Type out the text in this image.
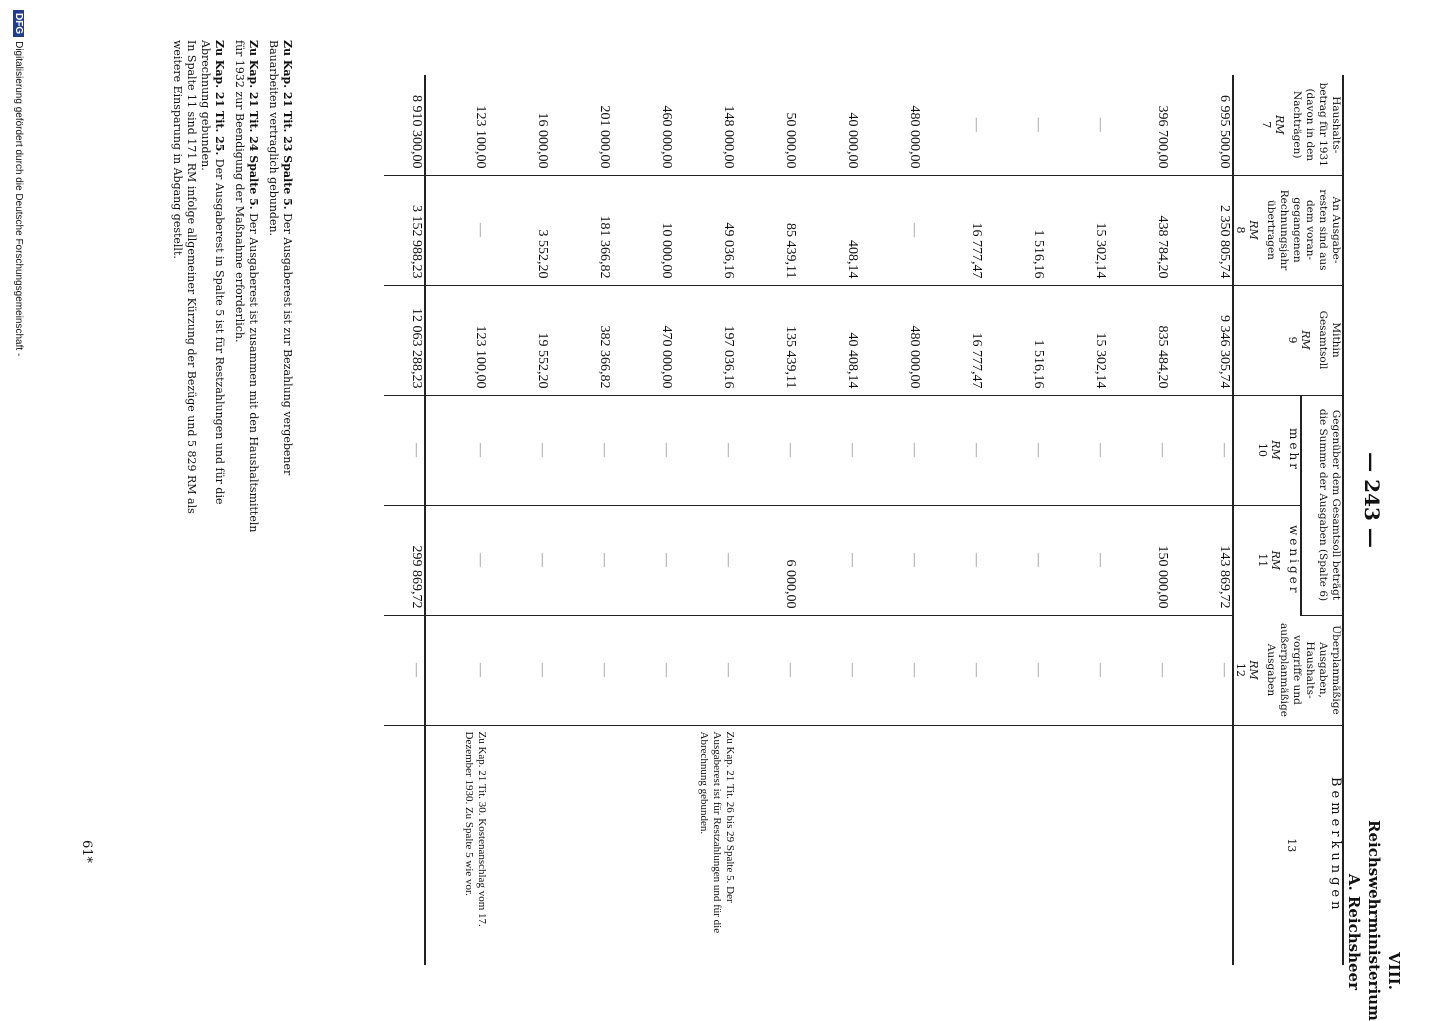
— 243 —
VIII. Reichswehrministerium
A. Reichsheer
Haushalts-betrag für 1931 (davon in den Nachträgen)
RM
7	An Ausgabe-resten sind aus dem voran-gegangenen Rechnungsjahr übertragen
RM
8	Mithin Gesamtsoll
RM
9	Gegenüber dem Gesamtsoll beträgt die Summe der Ausgaben (Spalte 6)		Überplanmäßige Ausgaben, Haushalts-vorgriffe und außerplanmäßige Ausgaben
RM
12	Bemerkungen
13

			mehr
RM
10	weniger
RM
11		

6 995 500,00	2 350 805,74	9 346 305,74	—	143 869,72	—	
396 700,00	438 784,20	835 484,20	—	150 000,00	—	
—	15 302,14	15 302,14	—	—	—	
—	1 516,16	1 516,16	—	—	—	
—	16 777,47	16 777,47	—	—	—	
480 000,00	—	480 000,00	—	—	—	
40 000,00	408,14	40 408,14	—	—	—	
50 000,00	85 439,11	135 439,11	—	6 000,00	—	
148 000,00	49 036,16	197 036,16	—	—	—	Zu Kap. 21 Tit. 26 bis 29 Spalte 5. Der Ausgaberest ist für Restzahlungen und für die Abrechnung gebunden.
460 000,00	10 000,00	470 000,00	—	—	—	
201 000,00	181 366,82	382 366,82	—	—	—	
16 000,00	3 552,20	19 552,20	—	—	—	
123 100,00	—	123 100,00	—	—	—	Zu Kap. 21 Tit. 30. Kostenanschlag vom 17. Dezember 1930. Zu Spalte 5 wie vor.
8 910 300,00	3 152 988,23	12 063 288,23	—	299 869,72	—	

Zu Kap. 21 Tit. 23 Spalte 5. Der Ausgaberest ist zur Bezahlung vergebener Bauarbeiten vertraglich gebunden.

Zu Kap. 21 Tit. 24 Spalte 5. Der Ausgaberest ist zusammen mit den Haushaltsmitteln für 1932 zur Beendigung der Maßnahme erforderlich.

Zu Kap. 21 Tit. 25. Der Ausgaberest in Spalte 5 ist für Restzahlungen und für die Abrechnung gebunden.
In Spalte 11 sind 171 RM infolge allgemeiner Kürzung der Bezüge und 5 829 RM als weitere Einsparung in Abgang gestellt.

61*
DFGDigitalisierung gefördert durch die Deutsche Forschungsgemeinschaft -
